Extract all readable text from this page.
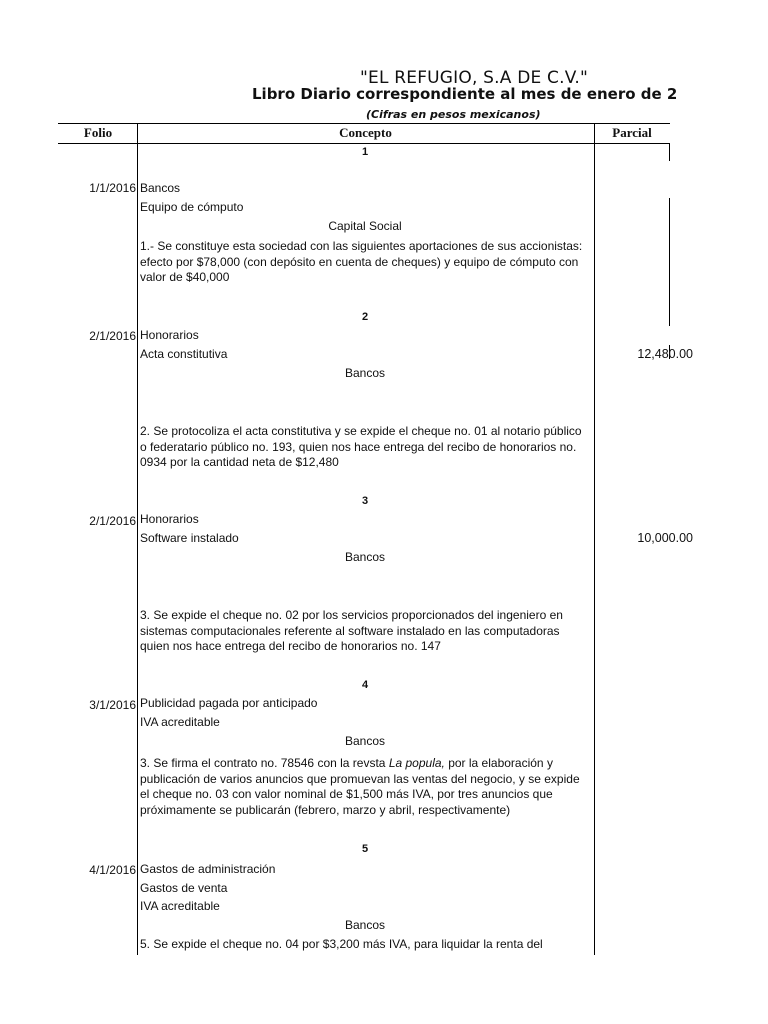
"EL REFUGIO, S.A DE C.V."
Libro Diario correspondiente al mes de enero de 2
(Cifras en pesos mexicanos)
Folio	Concepto	Parcial
1
1/1/2016 Bancos
Equipo de cómputo
Capital Social
1.- Se constituye esta sociedad con las siguientes aportaciones de sus accionistas: efecto por $78,000 (con depósito en cuenta de cheques) y equipo de cómputo con valor de $40,000
2
2/1/2016 Honorarios
Acta constitutiva	12,480.00
Bancos
2. Se protocoliza el acta constitutiva y se expide el cheque no. 01 al notario público o federatario público no. 193, quien nos hace entrega del recibo de honorarios no. 0934 por la cantidad neta de $12,480
3
2/1/2016 Honorarios
Software instalado	10,000.00
Bancos
3. Se expide el cheque no. 02 por los servicios proporcionados del ingeniero en sistemas computacionales referente al software instalado en las computadoras quien nos hace entrega del recibo de honorarios no. 147
4
3/1/2016 Publicidad pagada por anticipado
IVA acreditable
Bancos
3. Se firma el contrato no. 78546 con la revsta La popula, por la elaboración y publicación de varios anuncios que promuevan las ventas del negocio, y se expide el cheque no. 03 con valor nominal de $1,500 más IVA, por tres anuncios que próximamente se publicarán (febrero, marzo y abril, respectivamente)
5
4/1/2016 Gastos de administración
Gastos de venta
IVA acreditable
Bancos
5. Se expide el cheque no. 04 por $3,200 más IVA, para liquidar la renta del
